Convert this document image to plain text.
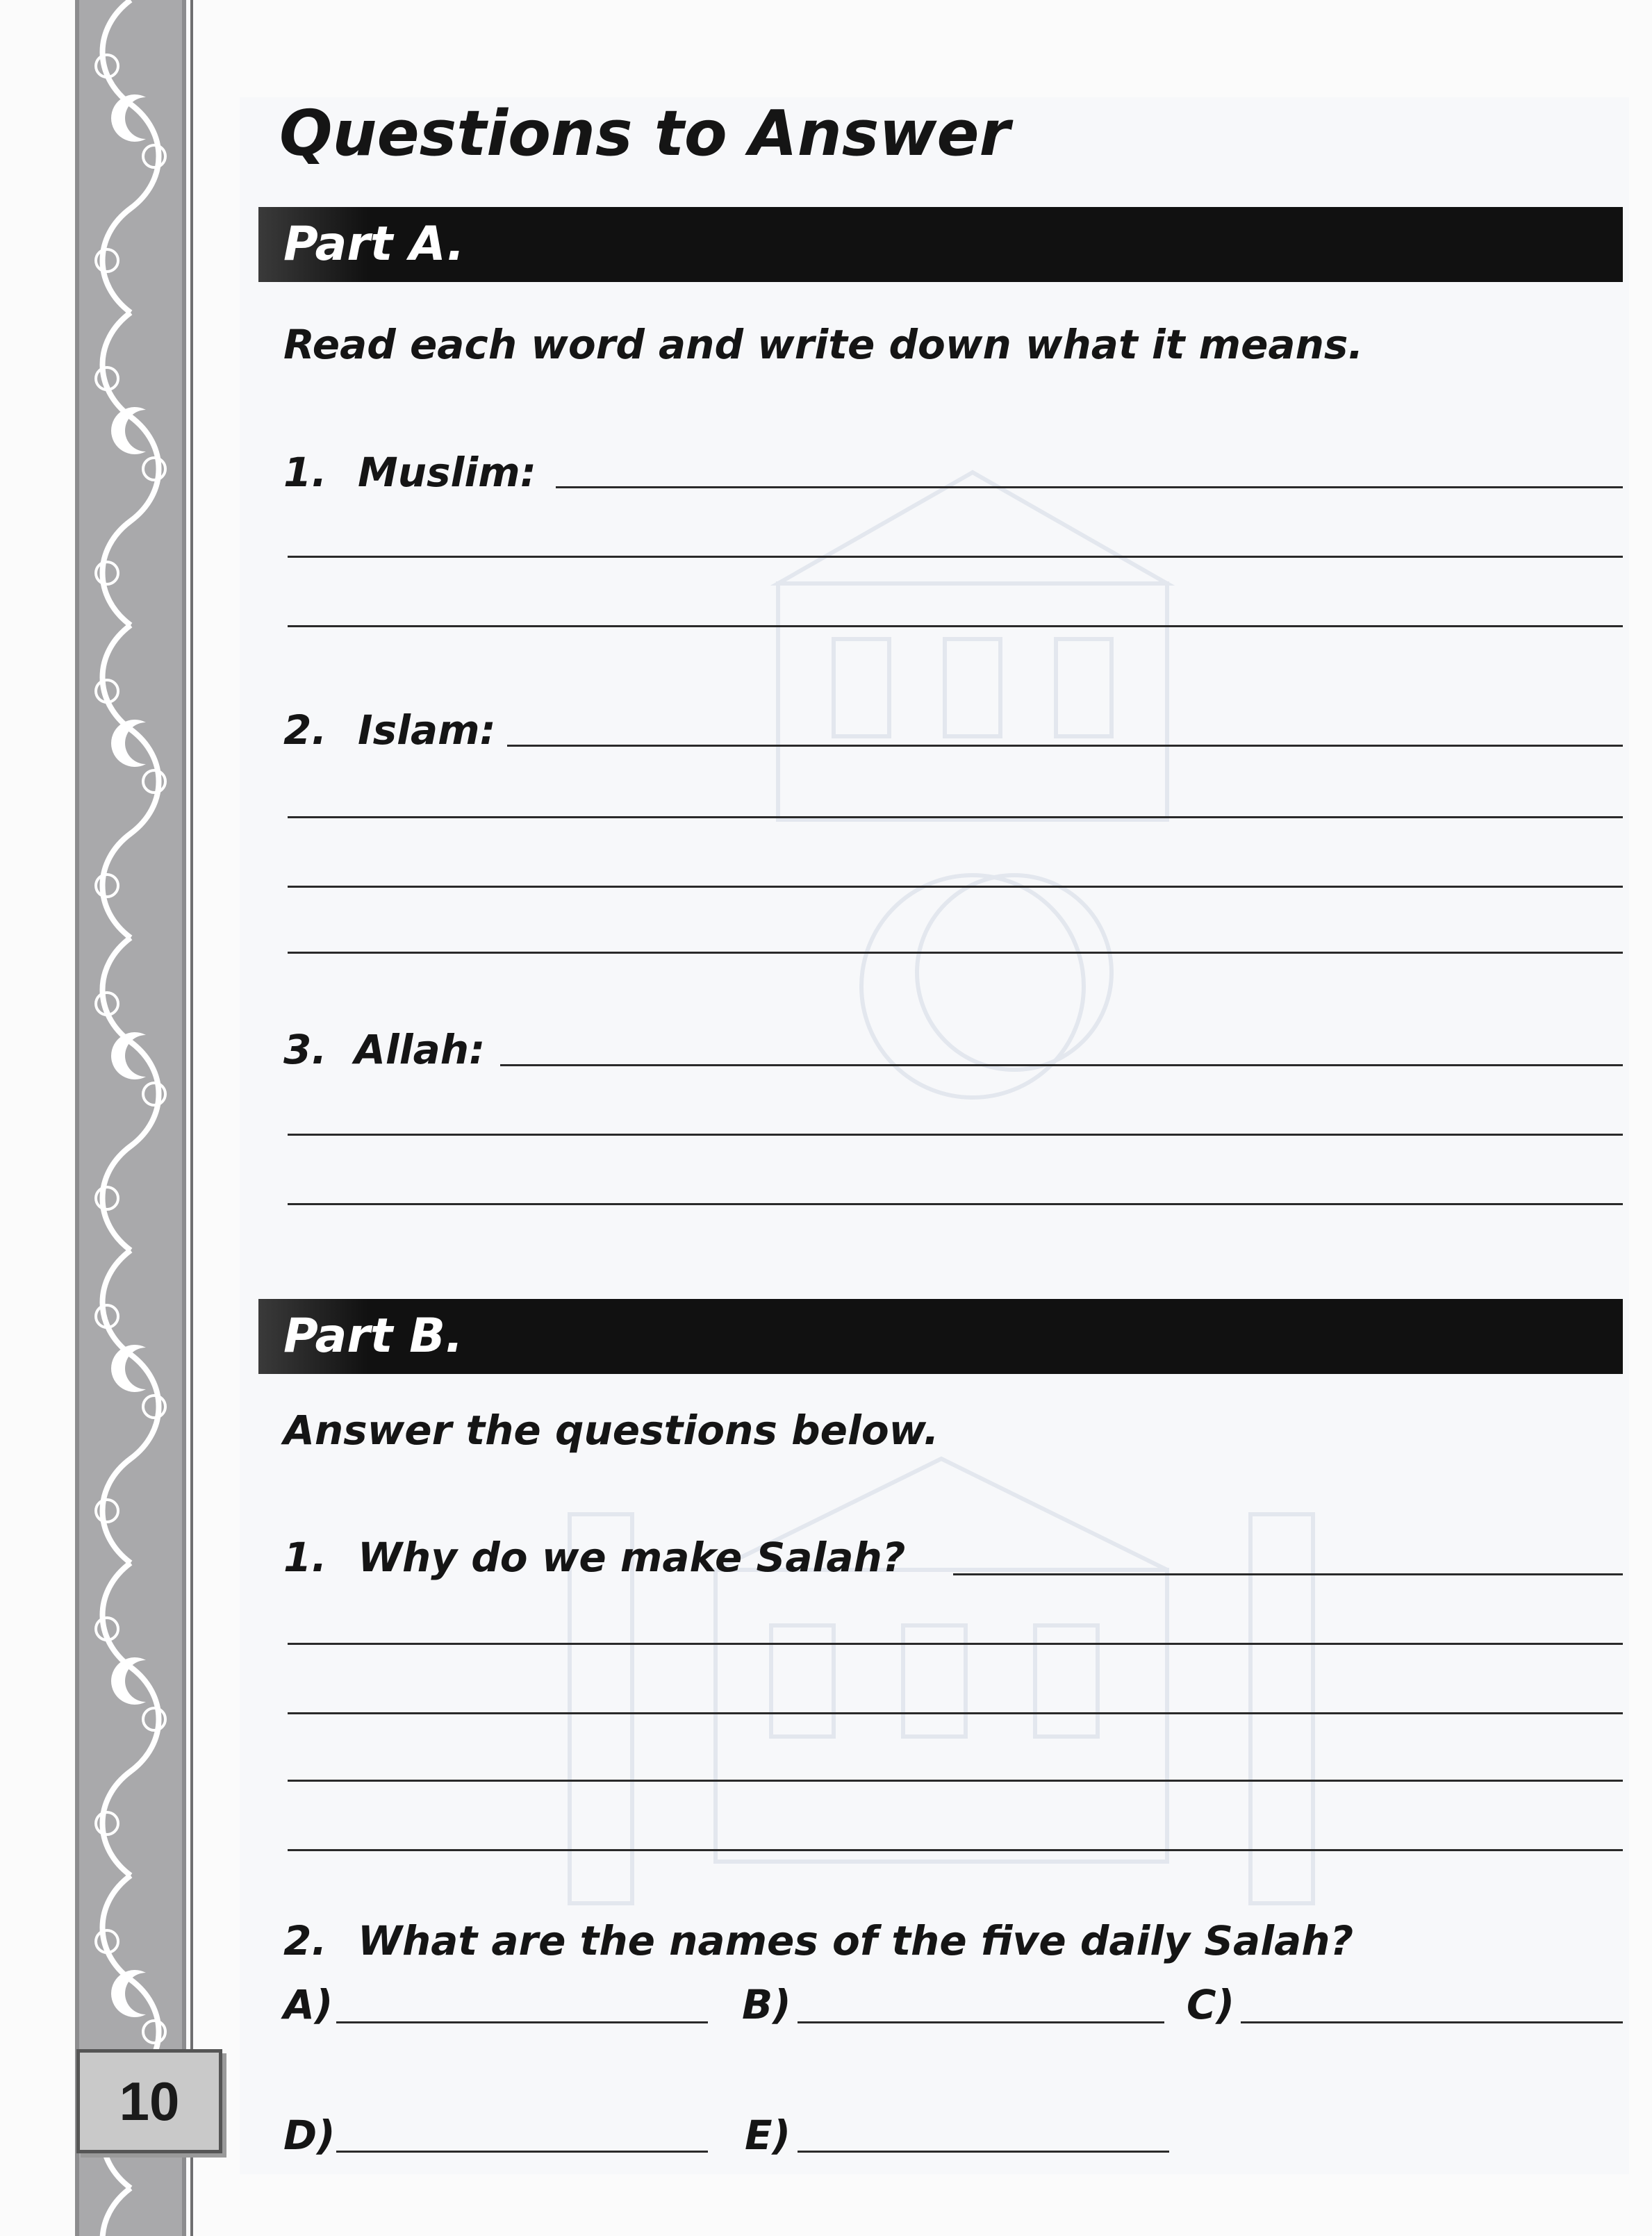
10
Questions to Answer
Part A.
Read each word and write down what it means.
1. Muslim:
2. Islam:
3. Allah:
Part B.
Answer the questions below.
1. Why do we make Salah?
2. What are the names of the five daily Salah?
A)	B)	C)
D)	E)
